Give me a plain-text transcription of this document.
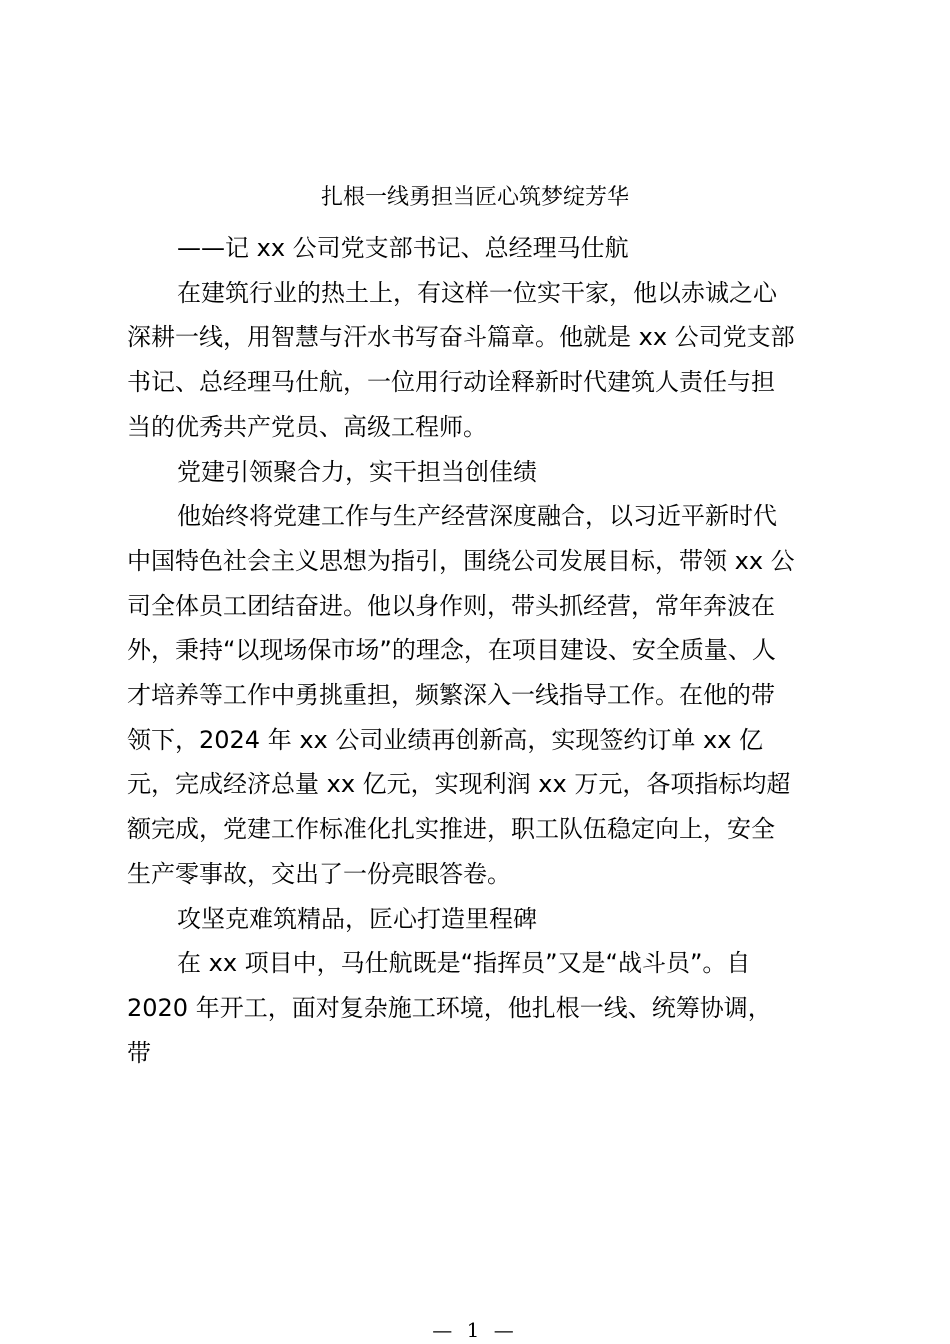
扎根一线勇担当匠心筑梦绽芳华

——记 xx 公司党支部书记、总经理马仕航

在建筑行业的热土上，有这样一位实干家，他以赤诚之心
深耕一线，用智慧与汗水书写奋斗篇章。他就是 xx 公司党支部
书记、总经理马仕航，一位用行动诠释新时代建筑人责任与担
当的优秀共产党员、高级工程师。

党建引领聚合力，实干担当创佳绩

他始终将党建工作与生产经营深度融合，以习近平新时代
中国特色社会主义思想为指引，围绕公司发展目标，带领 xx 公
司全体员工团结奋进。他以身作则，带头抓经营，常年奔波在
外，秉持“以现场保市场”的理念，在项目建设、安全质量、人
才培养等工作中勇挑重担，频繁深入一线指导工作。在他的带
领下，2024 年 xx 公司业绩再创新高，实现签约订单 xx 亿
元，完成经济总量 xx 亿元，实现利润 xx 万元，各项指标均超
额完成，党建工作标准化扎实推进，职工队伍稳定向上，安全
生产零事故，交出了一份亮眼答卷。

攻坚克难筑精品，匠心打造里程碑

在 xx 项目中，马仕航既是“指挥员”又是“战斗员”。自
2020 年开工，面对复杂施工环境，他扎根一线、统筹协调，
带

— 1 —
